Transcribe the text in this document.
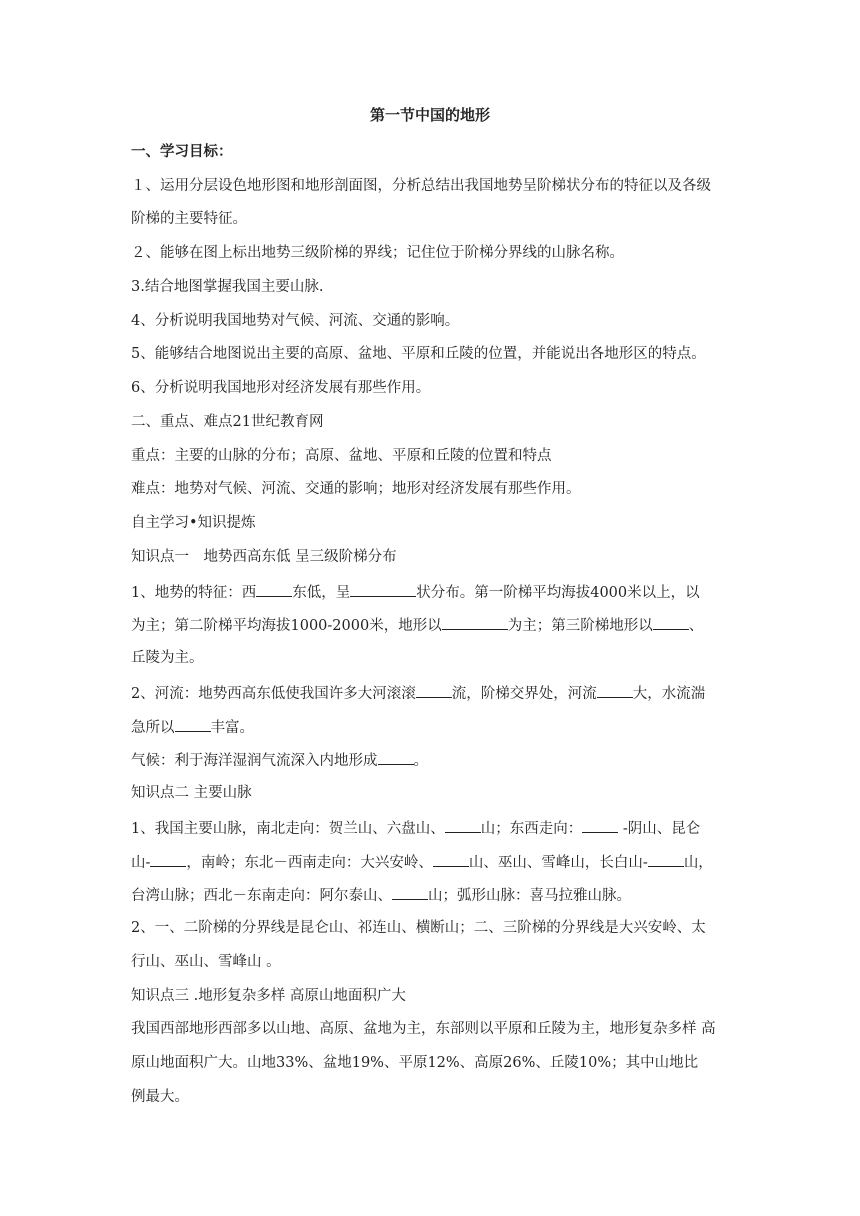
第一节中国的地形
一、学习目标：
１、运用分层设色地形图和地形剖面图，分析总结出我国地势呈阶梯状分布的特征以及各级
阶梯的主要特征。
２、能够在图上标出地势三级阶梯的界线；记住位于阶梯分界线的山脉名称。
3.结合地图掌握我国主要山脉.
4、分析说明我国地势对气候、河流、交通的影响。
5、能够结合地图说出主要的高原、盆地、平原和丘陵的位置，并能说出各地形区的特点。
6、分析说明我国地形对经济发展有那些作用。
二、重点、难点21世纪教育网
重点：主要的山脉的分布；高原、盆地、平原和丘陵的位置和特点
难点：地势对气候、河流、交通的影响；地形对经济发展有那些作用。
自主学习•知识提炼
知识点一　地势西高东低 呈三级阶梯分布
1、地势的特征：西 东低，呈	状分布。第一阶梯平均海拔4000米以上，以
为主；第二阶梯平均海拔1000-2000米，地形以	为主；第三阶梯地形以 、
丘陵为主。
2、河流：地势西高东低使我国许多大河滚滚 流，阶梯交界处，河流 大，水流湍
急所以 丰富。
气候：利于海洋湿润气流深入内地形成 。
知识点二 主要山脉
1、我国主要山脉，南北走向：贺兰山、六盘山、 山；东西走向： -阴山、昆仑
山- ，南岭；东北－西南走向：大兴安岭、 山、巫山、雪峰山，长白山- 山，
台湾山脉；西北－东南走向：阿尔泰山、 山；弧形山脉：喜马拉雅山脉。
2、一、二阶梯的分界线是昆仑山、祁连山、横断山；二、三阶梯的分界线是大兴安岭、太
行山、巫山、雪峰山 。
知识点三 .地形复杂多样 高原山地面积广大
我国西部地形西部多以山地、高原、盆地为主，东部则以平原和丘陵为主，地形复杂多样 高
原山地面积广大。山地33%、盆地19%、平原12%、高原26%、丘陵10%；其中山地比
例最大。
